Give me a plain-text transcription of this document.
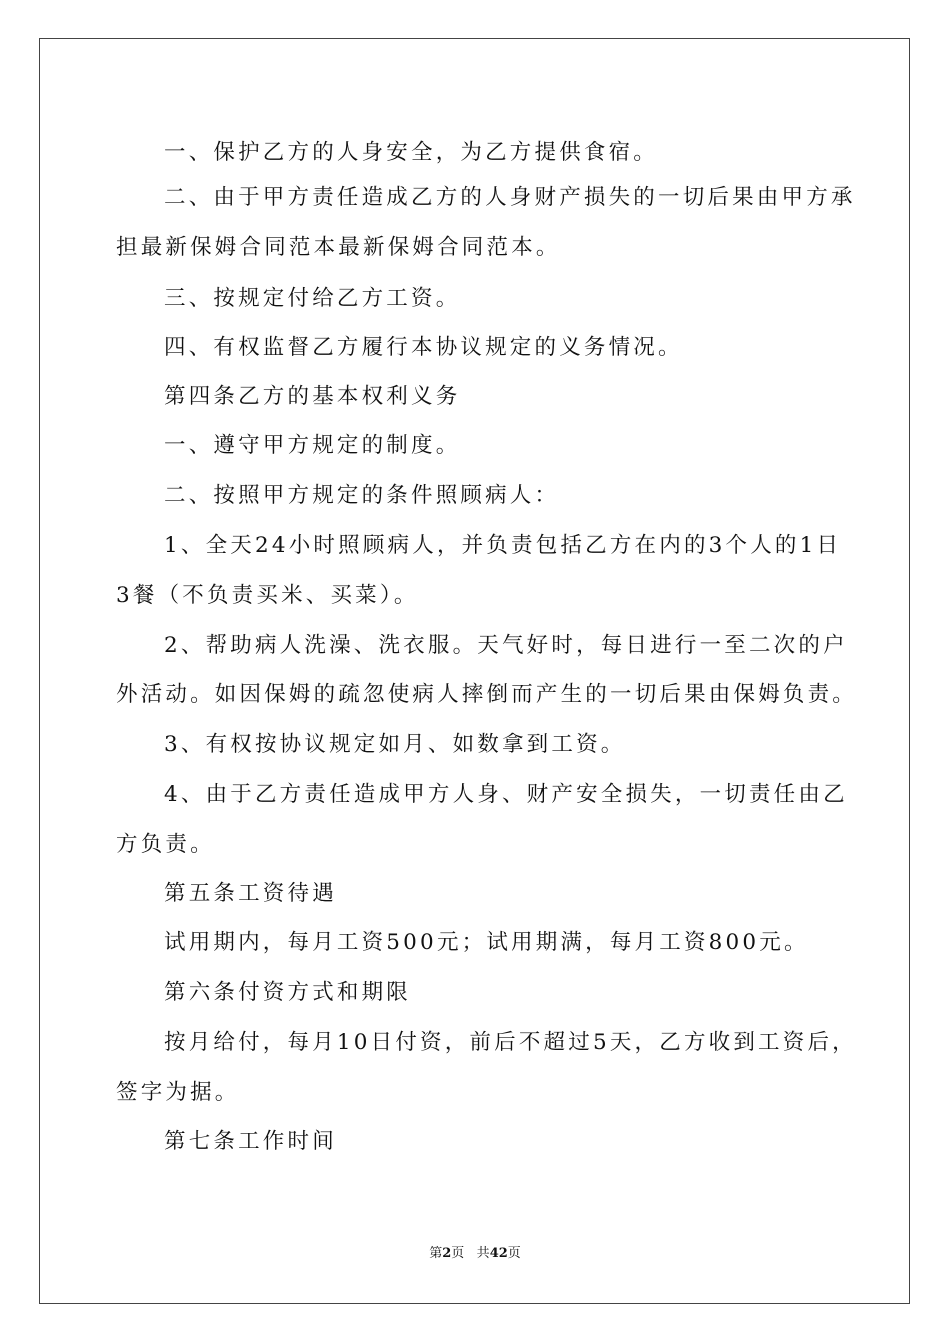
一、保护乙方的人身安全，为乙方提供食宿。
二、由于甲方责任造成乙方的人身财产损失的一切后果由甲方承
担最新保姆合同范本最新保姆合同范本。
三、按规定付给乙方工资。
四、有权监督乙方履行本协议规定的义务情况。
第四条乙方的基本权利义务
一、遵守甲方规定的制度。
二、按照甲方规定的条件照顾病人：
1、全天24小时照顾病人，并负责包括乙方在内的3个人的1日
3餐（不负责买米、买菜）。
2、帮助病人洗澡、洗衣服。天气好时，每日进行一至二次的户
外活动。如因保姆的疏忽使病人摔倒而产生的一切后果由保姆负责。
3、有权按协议规定如月、如数拿到工资。
4、由于乙方责任造成甲方人身、财产安全损失，一切责任由乙
方负责。
第五条工资待遇
试用期内，每月工资500元；试用期满，每月工资800元。
第六条付资方式和期限
按月给付，每月10日付资，前后不超过5天，乙方收到工资后，
签字为据。
第七条工作时间
第2页 共42页
